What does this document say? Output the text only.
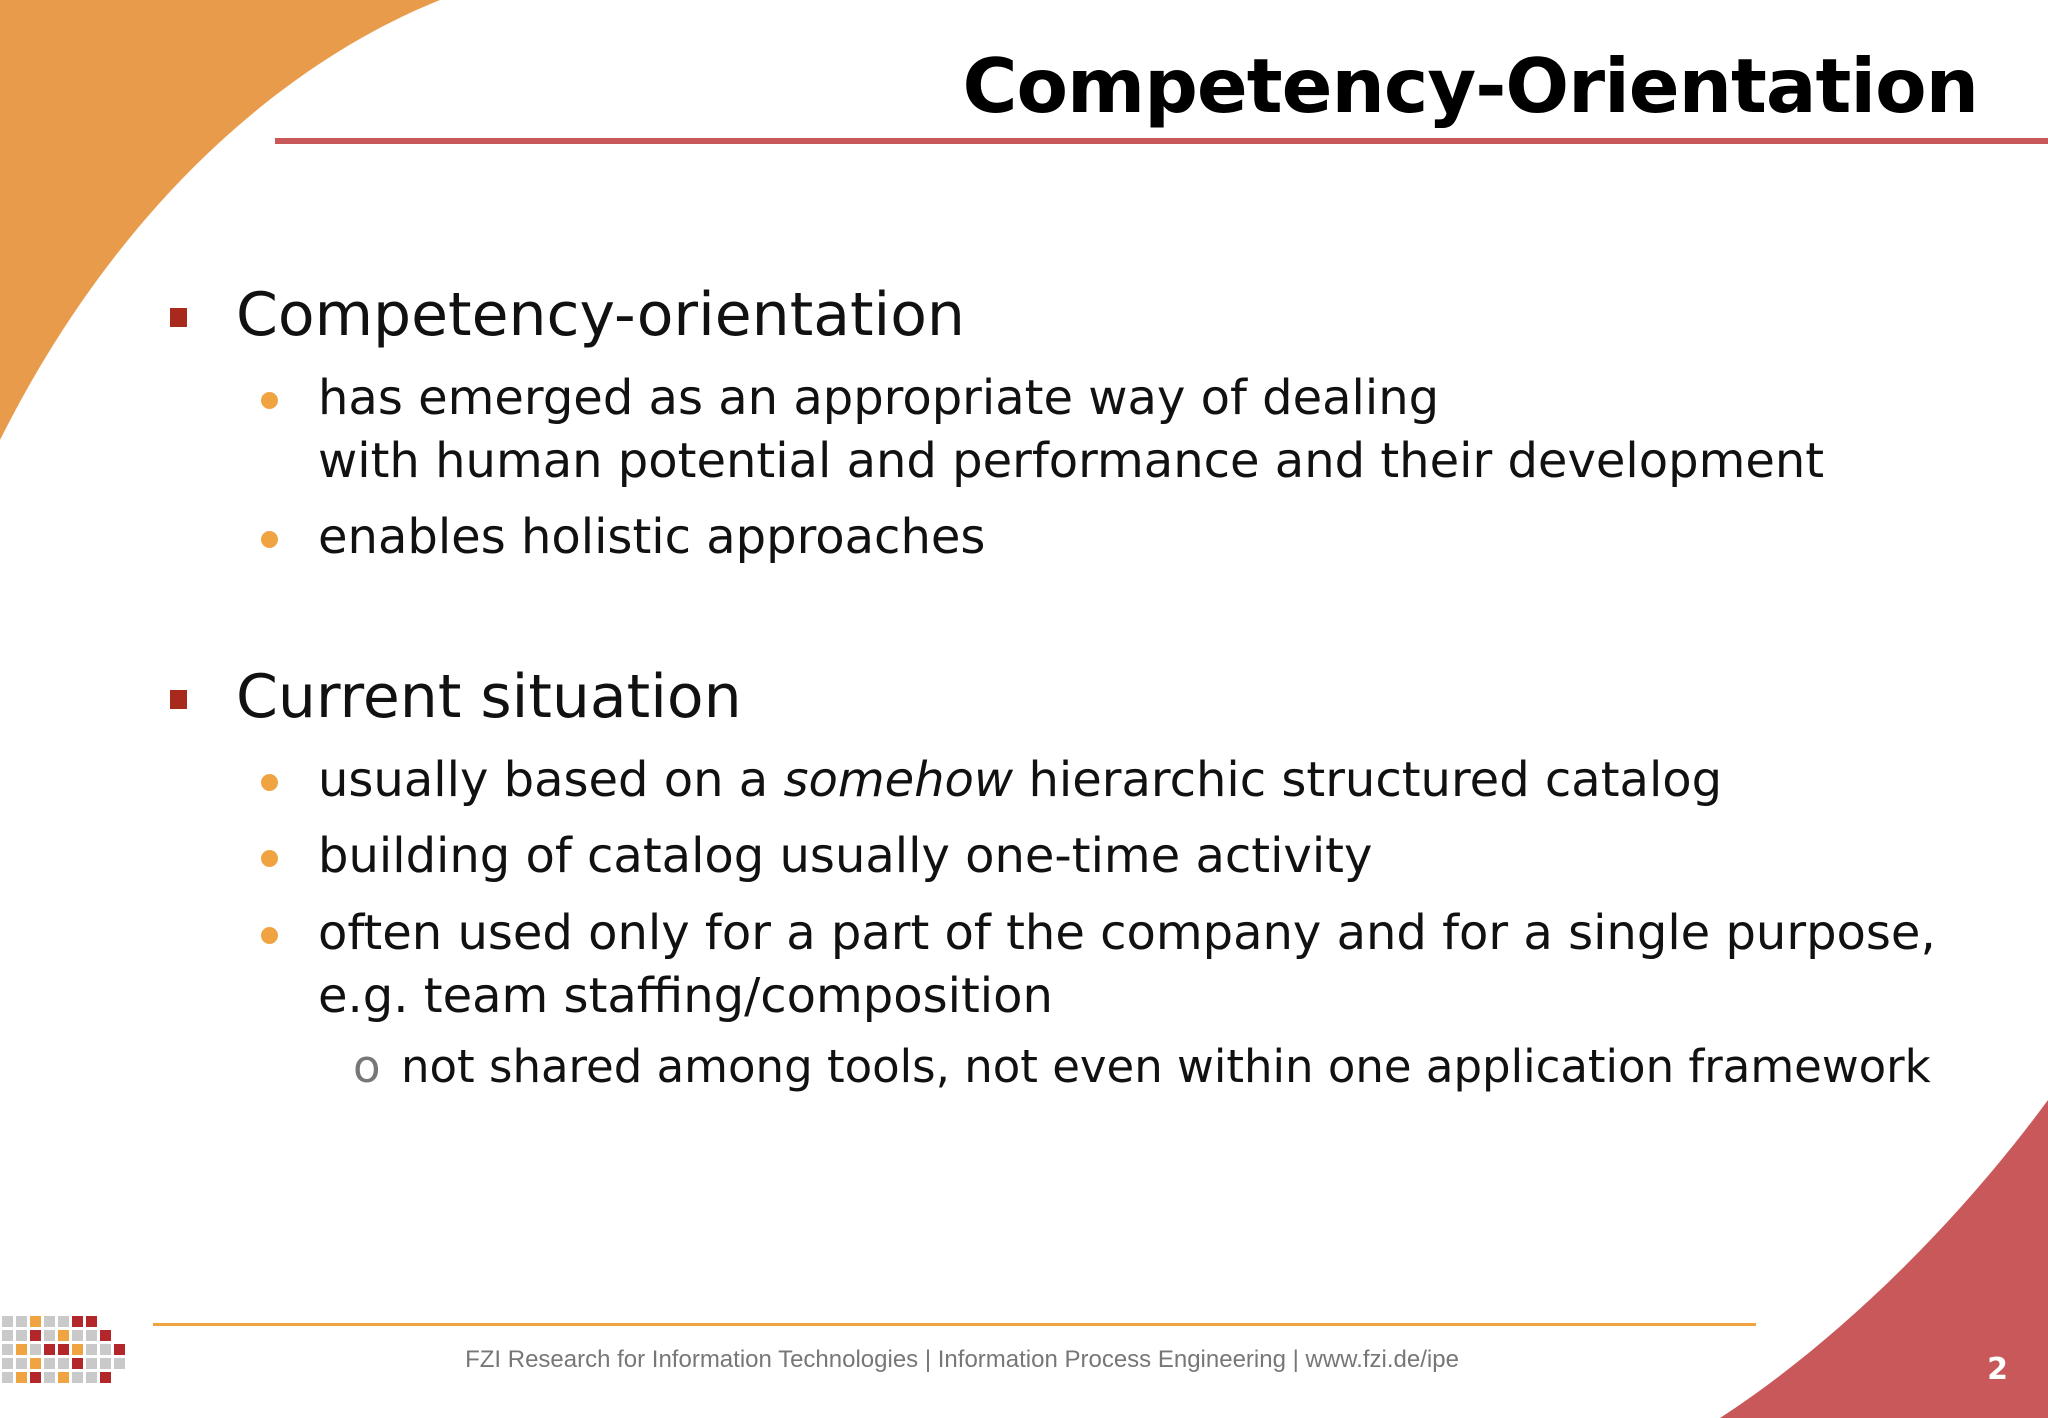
Competency-Orientation
Competency-orientation
has emerged as an appropriate way of dealing
with human potential and performance and their development
enables holistic approaches
Current situation
usually based on a somehow hierarchic structured catalog
building of catalog usually one-time activity
often used only for a part of the company and for a single purpose,
e.g. team staffing/composition
o not shared among tools, not even within one application framework
FZI Research for Information Technologies | Information Process Engineering | www.fzi.de/ipe	2
